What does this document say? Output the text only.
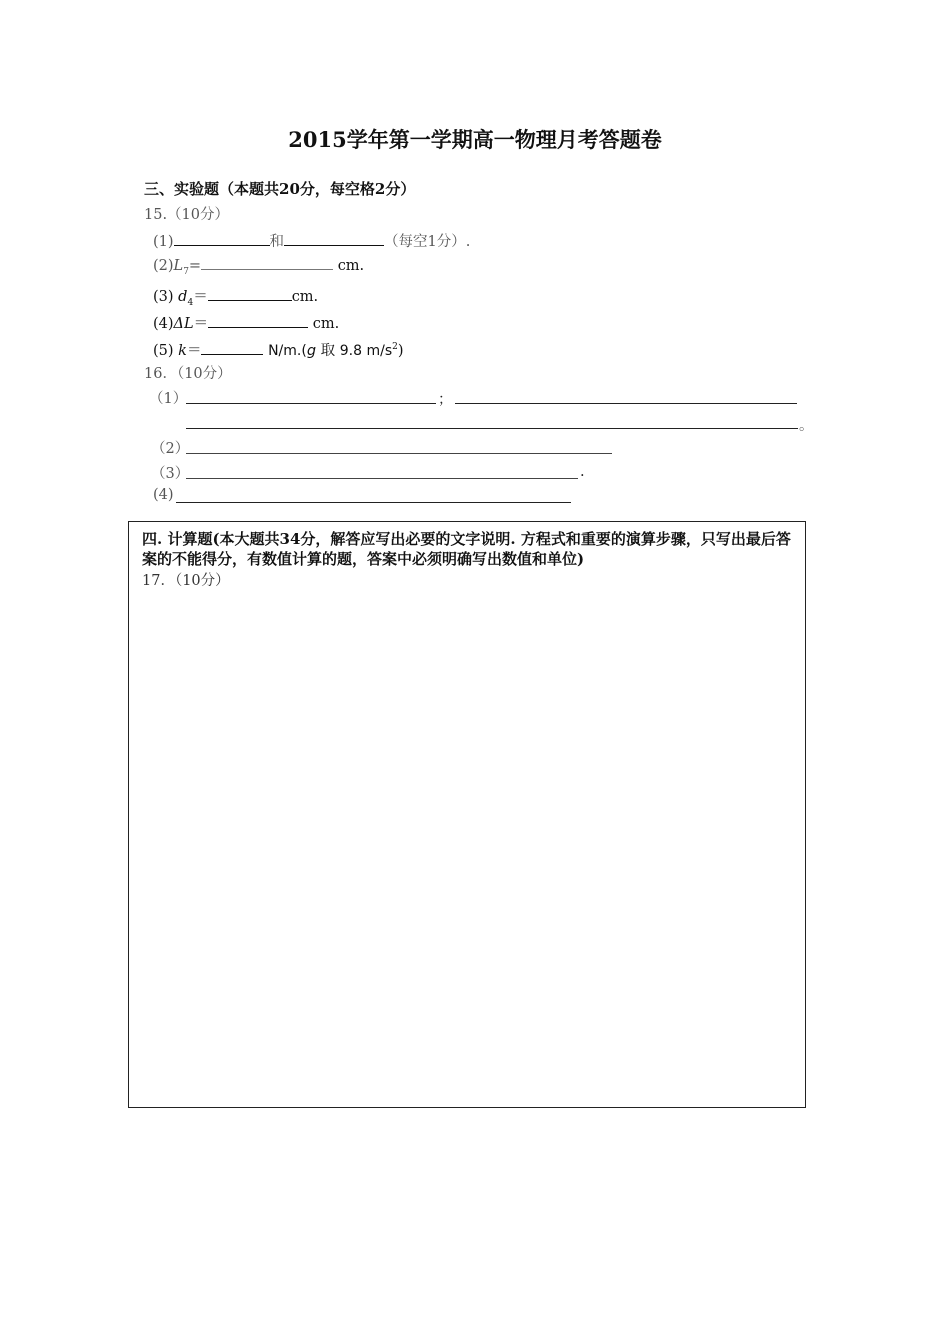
2015学年第一学期高一物理月考答题卷
三、实验题（本题共20分，每空格2分）
15.（10分）
(1)	和	（每空1分）.
$(2)L_7=$	cm.
(3) $d_4=$	cm.
(4)ΔL＝	cm.
(5) k＝	N/m.(g 取 9.8 $m/s^2$)
16．（10分）
（1）	；
。
（2）
（3）	.
(4)
四. 计算题(本大题共34分，解答应写出必要的文字说明. 方程式和重要的演算步骤，只写出最后答案的不能得分，有数值计算的题，答案中必须明确写出数值和单位)
17．（10分）
